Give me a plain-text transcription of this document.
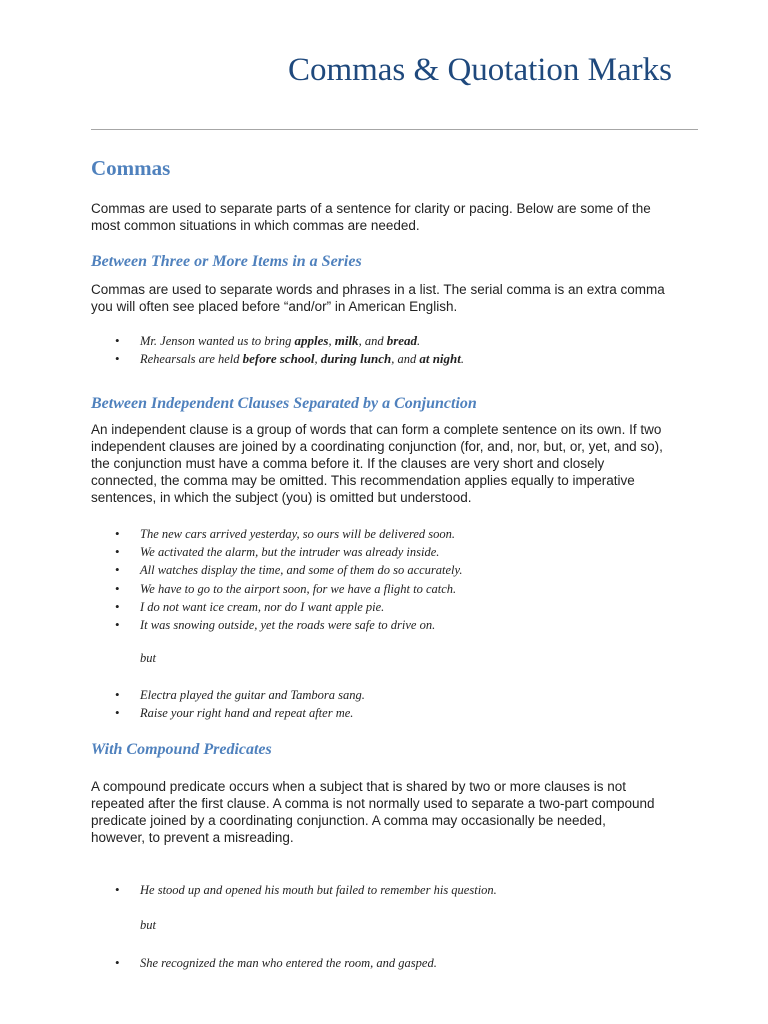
Commas & Quotation Marks
Commas

Commas are used to separate parts of a sentence for clarity or pacing. Below are some of the

most common situations in which commas are needed.

Between Three or More Items in a Series

Commas are used to separate words and phrases in a list. The serial comma is an extra comma

you will often see placed before “and/or” in American English.

• Mr. Jenson wanted us to bring apples, milk, and bread.
• Rehearsals are held before school, during lunch, and at night.
Between Independent Clauses Separated by a Conjunction

An independent clause is a group of words that can form a complete sentence on its own. If two

independent clauses are joined by a coordinating conjunction (for, and, nor, but, or, yet, and so),

the conjunction must have a comma before it. If the clauses are very short and closely

connected, the comma may be omitted. This recommendation applies equally to imperative

sentences, in which the subject (you) is omitted but understood.

• The new cars arrived yesterday, so ours will be delivered soon.
• We activated the alarm, but the intruder was already inside.
• All watches display the time, and some of them do so accurately.
• We have to go to the airport soon, for we have a flight to catch.
• I do not want ice cream, nor do I want apple pie.
• It was snowing outside, yet the roads were safe to drive on.

but

• Electra played the guitar and Tambora sang.
• Raise your right hand and repeat after me.
With Compound Predicates

A compound predicate occurs when a subject that is shared by two or more clauses is not

repeated after the first clause. A comma is not normally used to separate a two-part compound

predicate joined by a coordinating conjunction. A comma may occasionally be needed,

however, to prevent a misreading.

• He stood up and opened his mouth but failed to remember his question.

but

• She recognized the man who entered the room, and gasped.
